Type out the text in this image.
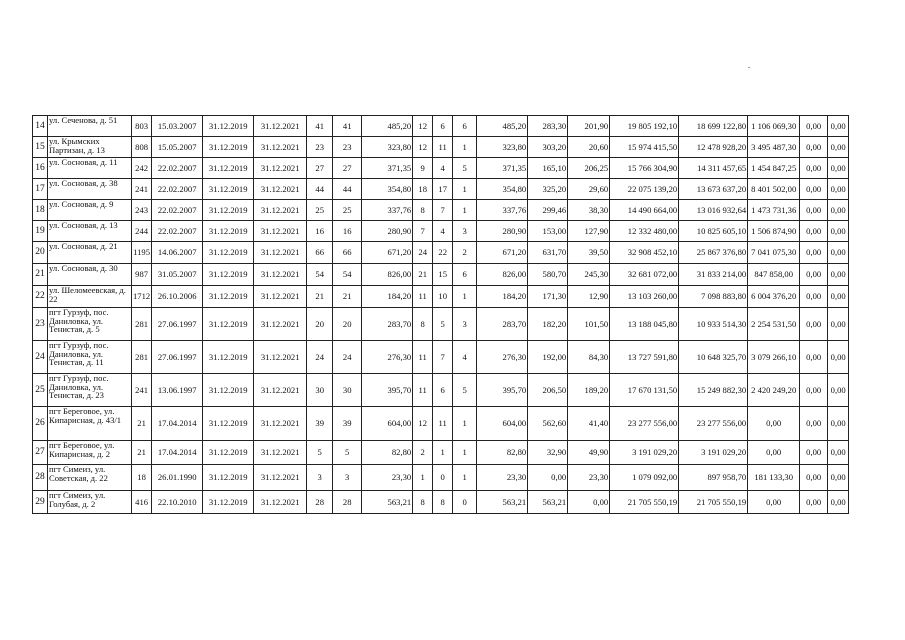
14	ул. Сеченова, д. 51	803	15.03.2007	31.12.2019	31.12.2021	41	41	485,20	12	6	6	485,20	283,30	201,90	19 805 192,10	18 699 122,80	1 106 069,30	0,00	0,00
15	ул. Крымских Партизан, д. 13	808	15.05.2007	31.12.2019	31.12.2021	23	23	323,80	12	11	1	323,80	303,20	20,60	15 974 415,50	12 478 928,20	3 495 487,30	0,00	0,00
16	ул. Сосновая, д. 11	242	22.02.2007	31.12.2019	31.12.2021	27	27	371,35	9	4	5	371,35	165,10	206,25	15 766 304,90	14 311 457,65	1 454 847,25	0,00	0,00
17	ул. Сосновая, д. 38	241	22.02.2007	31.12.2019	31.12.2021	44	44	354,80	18	17	1	354,80	325,20	29,60	22 075 139,20	13 673 637,20	8 401 502,00	0,00	0,00
18	ул. Сосновая, д. 9	243	22.02.2007	31.12.2019	31.12.2021	25	25	337,76	8	7	1	337,76	299,46	38,30	14 490 664,00	13 016 932,64	1 473 731,36	0,00	0,00
19	ул. Сосновая, д. 13	244	22.02.2007	31.12.2019	31.12.2021	16	16	280,90	7	4	3	280,90	153,00	127,90	12 332 480,00	10 825 605,10	1 506 874,90	0,00	0,00
20	ул. Сосновая, д. 21	1195	14.06.2007	31.12.2019	31.12.2021	66	66	671,20	24	22	2	671,20	631,70	39,50	32 908 452,10	25 867 376,80	7 041 075,30	0,00	0,00
21	ул. Сосновая, д. 30	987	31.05.2007	31.12.2019	31.12.2021	54	54	826,00	21	15	6	826,00	580,70	245,30	32 681 072,00	31 833 214,00	847 858,00	0,00	0,00
22	ул. Шеломеевская, д. 22	1712	26.10.2006	31.12.2019	31.12.2021	21	21	184,20	11	10	1	184,20	171,30	12,90	13 103 260,00	7 098 883,80	6 004 376,20	0,00	0,00
23	пгт Гурзуф, пос. Даниловка, ул. Тенистая, д. 5	281	27.06.1997	31.12.2019	31.12.2021	20	20	283,70	8	5	3	283,70	182,20	101,50	13 188 045,80	10 933 514,30	2 254 531,50	0,00	0,00
24	пгт Гурзуф, пос. Даниловка, ул. Тенистая, д. 11	281	27.06.1997	31.12.2019	31.12.2021	24	24	276,30	11	7	4	276,30	192,00	84,30	13 727 591,80	10 648 325,70	3 079 266,10	0,00	0,00
25	пгт Гурзуф, пос. Даниловка, ул. Тенистая, д. 23	241	13.06.1997	31.12.2019	31.12.2021	30	30	395,70	11	6	5	395,70	206,50	189,20	17 670 131,50	15 249 882,30	2 420 249,20	0,00	0,00
26	пгт Береговое, ул. Кипарисная, д. 43/1	21	17.04.2014	31.12.2019	31.12.2021	39	39	604,00	12	11	1	604,00	562,60	41,40	23 277 556,00	23 277 556,00	0,00	0,00	0,00
27	пгт Береговое, ул. Кипарисная, д. 2	21	17.04.2014	31.12.2019	31.12.2021	5	5	82,80	2	1	1	82,80	32,90	49,90	3 191 029,20	3 191 029,20	0,00	0,00	0,00
28	пгт Симеиз, ул. Советская, д. 22	18	26.01.1990	31.12.2019	31.12.2021	3	3	23,30	1	0	1	23,30	0,00	23,30	1 079 092,00	897 958,70	181 133,30	0,00	0,00
29	пгт Симеиз, ул. Голубая, д. 2	416	22.10.2010	31.12.2019	31.12.2021	28	28	563,21	8	8	0	563,21	563,21	0,00	21 705 550,19	21 705 550,19	0,00	0,00	0,00
